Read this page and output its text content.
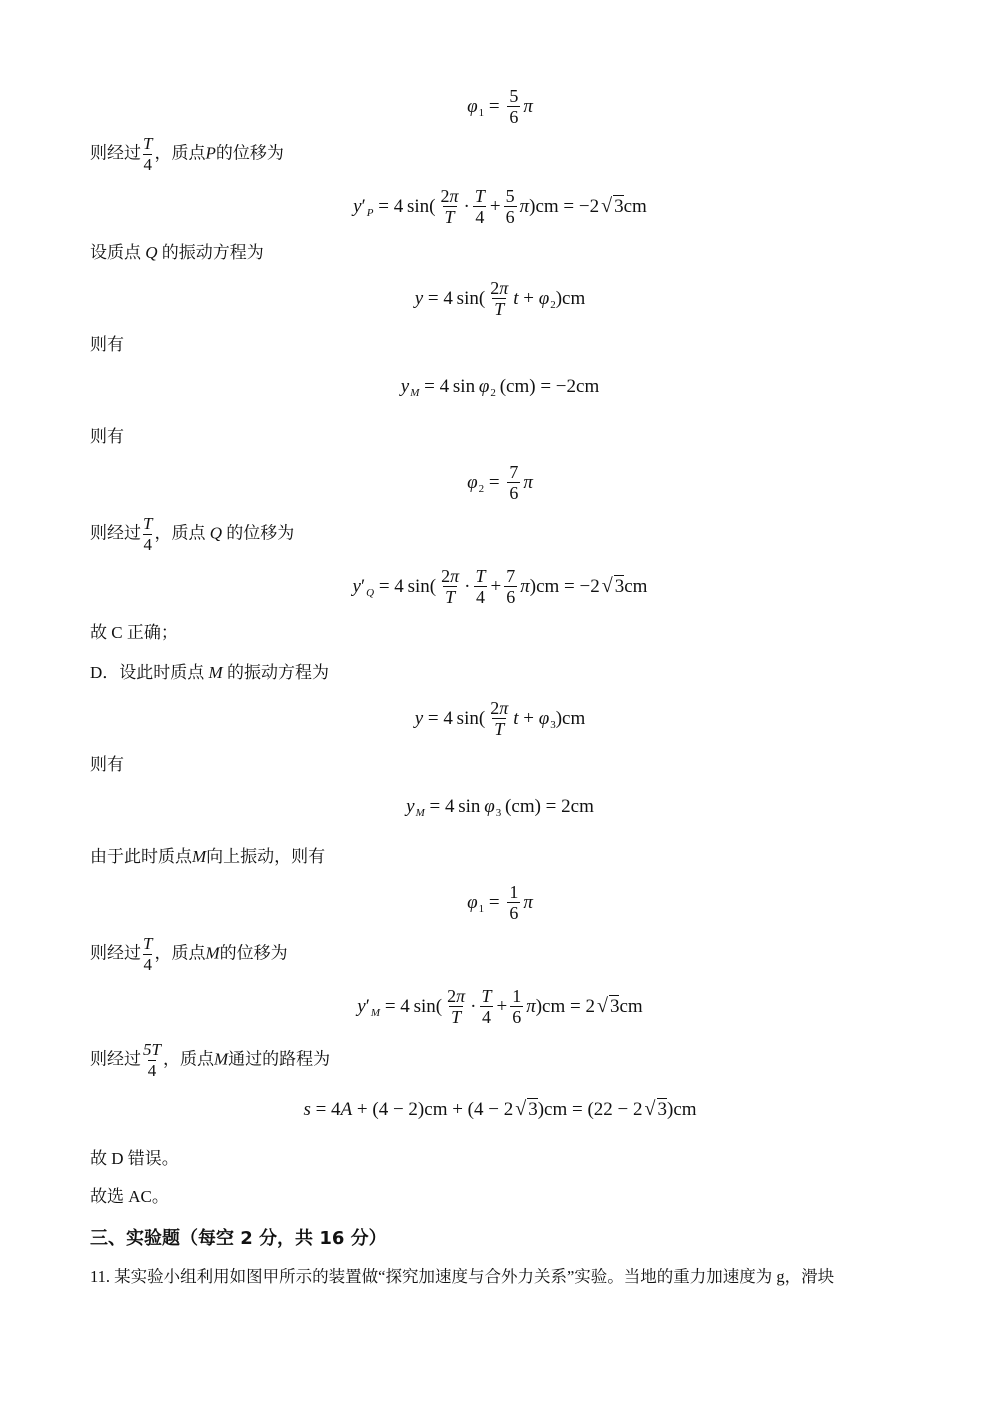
φ $1 = \frac{5}{6}$ π
则经过 $\frac{T}{4}$ ，质点P的位移为
y ′ P = 4 $\sin( \frac{2\pi}{T} \cdot \frac{T}{4} + \frac{5}{6}$ π )cm = −2 √ 3 cm
设质点 Q 的振动方程为
y = 4 $\sin( \frac{2\pi}{T}$ t + φ 2 )cm
则有
y M = 4 sin  φ 2  (cm) = −2cm
则有
φ $2 = \frac{7}{6}$ π
则经过 $\frac{T}{4}$ ，质点 Q 的位移为
y ′ Q = 4 $\sin( \frac{2\pi}{T} \cdot \frac{T}{4} + \frac{7}{6}$ π )cm = −2 √ 3 cm
故 C 正确；
D．设此时质点 M 的振动方程为
y = 4 $\sin( \frac{2\pi}{T}$ t + φ 3 )cm
则有
y M = 4 sin  φ 3  (cm) = 2cm
由于此时质点M向上振动，则有
φ $1 = \frac{1}{6}$ π
则经过 $\frac{T}{4}$ ，质点M的位移为
y ′ M = 4 $\sin( \frac{2\pi}{T} \cdot \frac{T}{4} + \frac{1}{6}$ π )cm = 2 √ 3 cm
则经过 $\frac{5T}{4}$ ，质点M通过的路程为
s = 4 A + (4 − 2)cm + (4 − 2 √ 3 )cm = (22 − 2 √ 3 )cm
故 D 错误。
故选 AC。
三、实验题（每空 2 分，共 16 分）
11. 某实验小组利用如图甲所示的装置做“探究加速度与合外力关系”实验。当地的重力加速度为 g，滑块
